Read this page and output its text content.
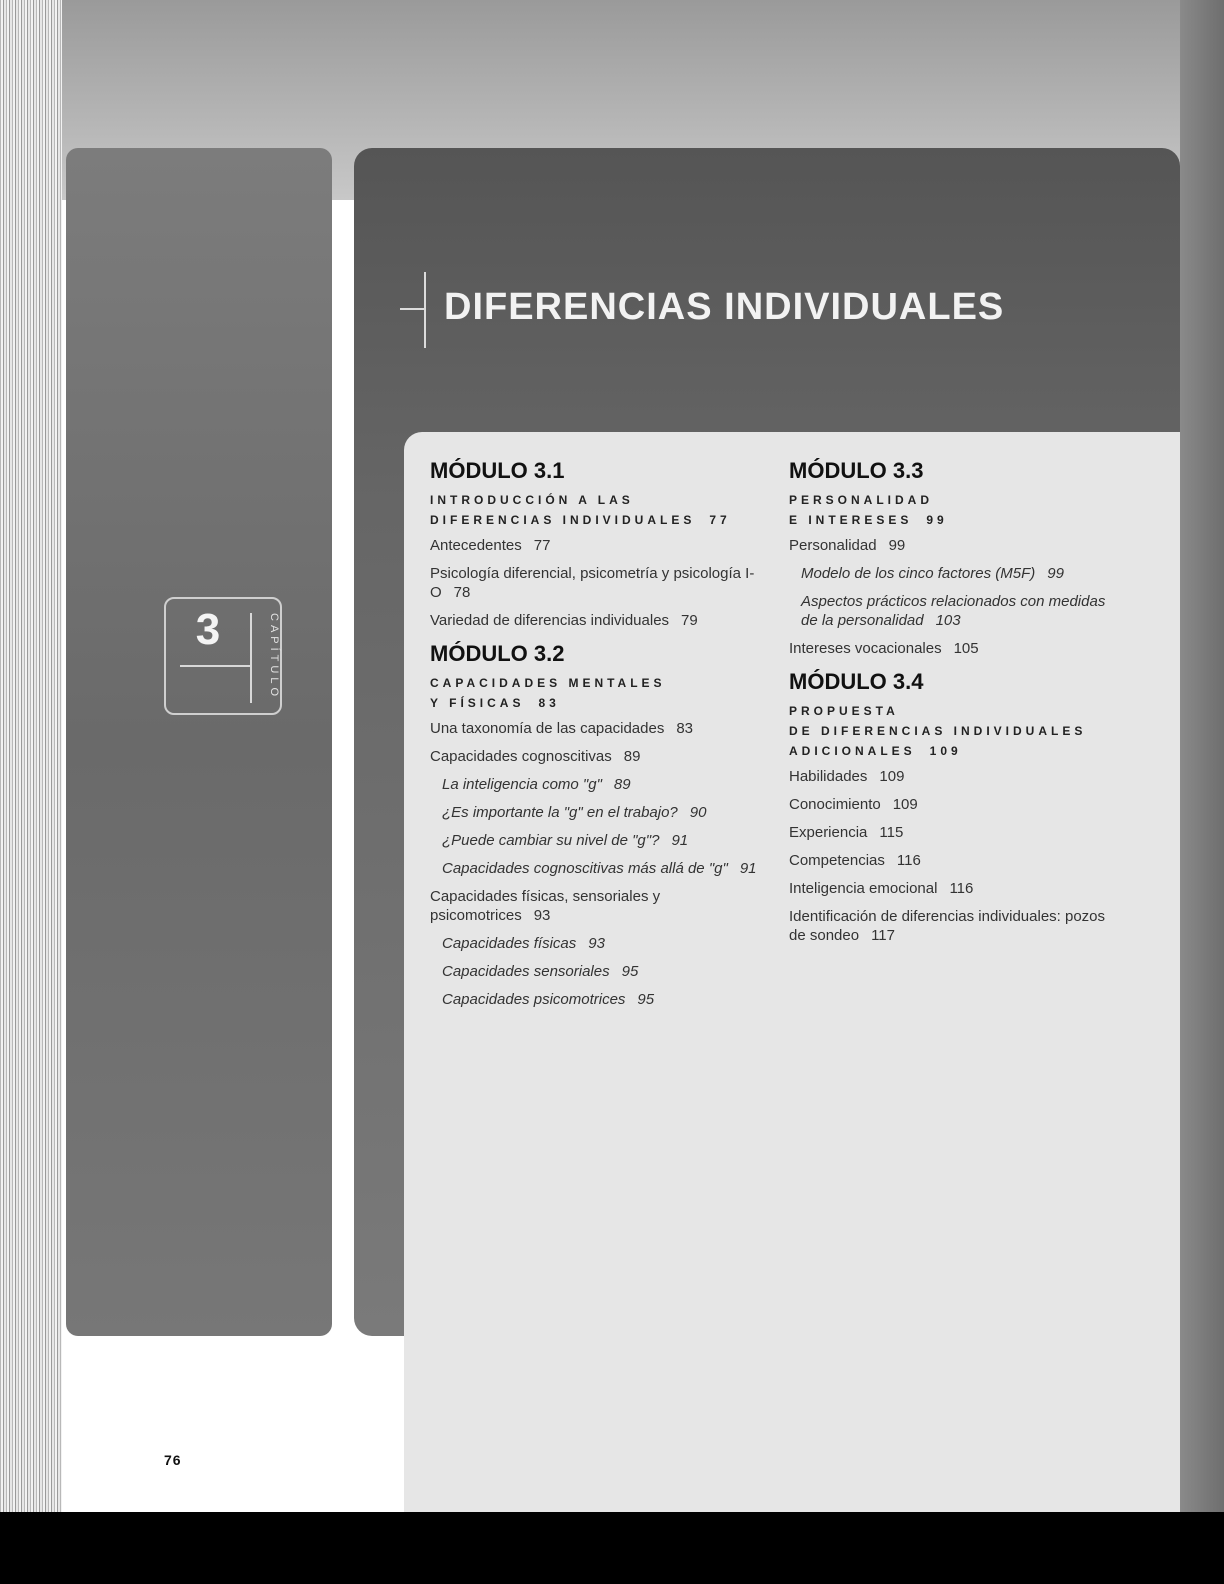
3	CAPÍTULO
DIFERENCIAS INDIVIDUALES
MÓDULO 3.1
INTRODUCCIÓN A LAS
DIFERENCIAS INDIVIDUALES 77
Antecedentes 77
Psicología diferencial, psicometría y psicología I-O 78
Variedad de diferencias individuales 79
MÓDULO 3.2
CAPACIDADES MENTALES
Y FÍSICAS 83
Una taxonomía de las capacidades 83
Capacidades cognoscitivas 89
La inteligencia como "g" 89
¿Es importante la "g" en el trabajo? 90
¿Puede cambiar su nivel de "g"? 91
Capacidades cognoscitivas más allá de "g" 91
Capacidades físicas, sensoriales y psicomotrices 93
Capacidades físicas 93
Capacidades sensoriales 95
Capacidades psicomotrices 95
MÓDULO 3.3
PERSONALIDAD
E INTERESES 99
Personalidad 99
Modelo de los cinco factores (M5F) 99
Aspectos prácticos relacionados con medidas de la personalidad 103
Intereses vocacionales 105
MÓDULO 3.4
PROPUESTA
DE DIFERENCIAS INDIVIDUALES
ADICIONALES 109
Habilidades 109
Conocimiento 109
Experiencia 115
Competencias 116
Inteligencia emocional 116
Identificación de diferencias individuales: pozos de sondeo 117
76
